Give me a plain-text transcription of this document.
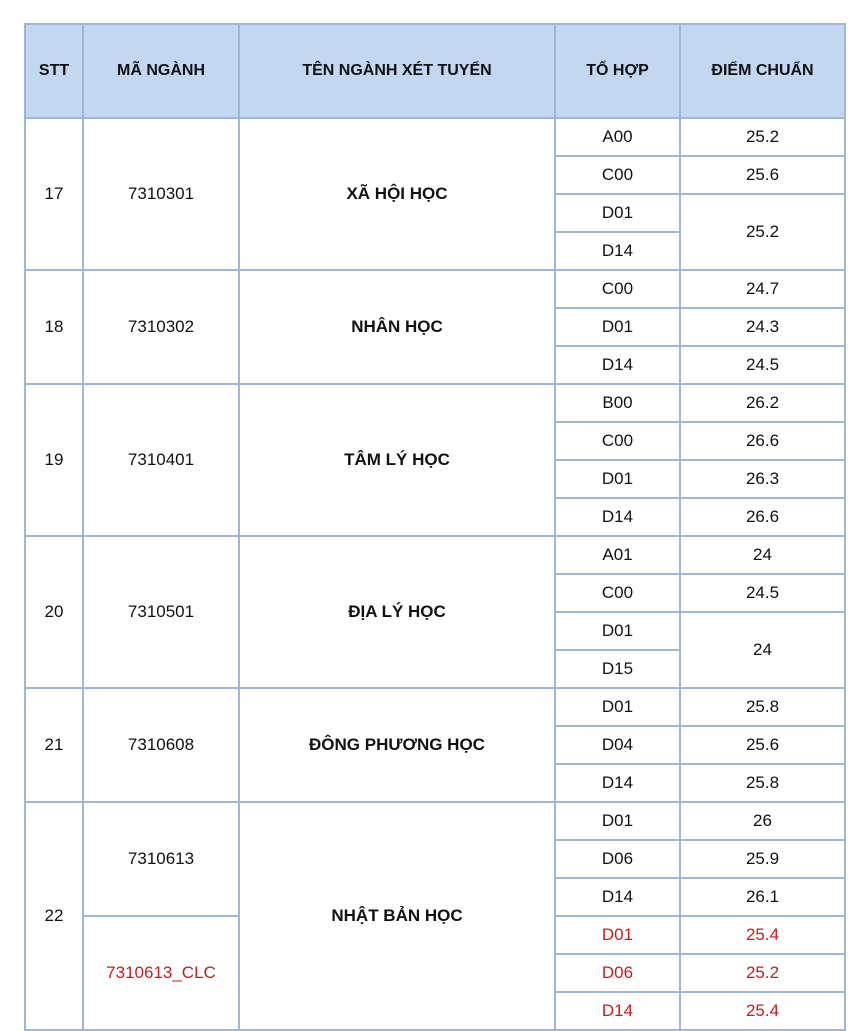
STT	MÃ NGÀNH	TÊN NGÀNH XÉT TUYỂN	TỔ HỢP	ĐIỂM CHUẨN
17	7310301	XÃ HỘI HỌC	A00	25.2
			C00	25.6
			D01	25.2
			D14	
18	7310302	NHÂN HỌC	C00	24.7
			D01	24.3
			D14	24.5
19	7310401	TÂM LÝ HỌC	B00	26.2
			C00	26.6
			D01	26.3
			D14	26.6
20	7310501	ĐỊA LÝ HỌC	A01	24
			C00	24.5
			D01	24
			D15	
21	7310608	ĐÔNG PHƯƠNG HỌC	D01	25.8
			D04	25.6
			D14	25.8
22	7310613	NHẬT BẢN HỌC	D01	26
			D06	25.9
			D14	26.1
	7310613_CLC		D01	25.4
			D06	25.2
			D14	25.4
